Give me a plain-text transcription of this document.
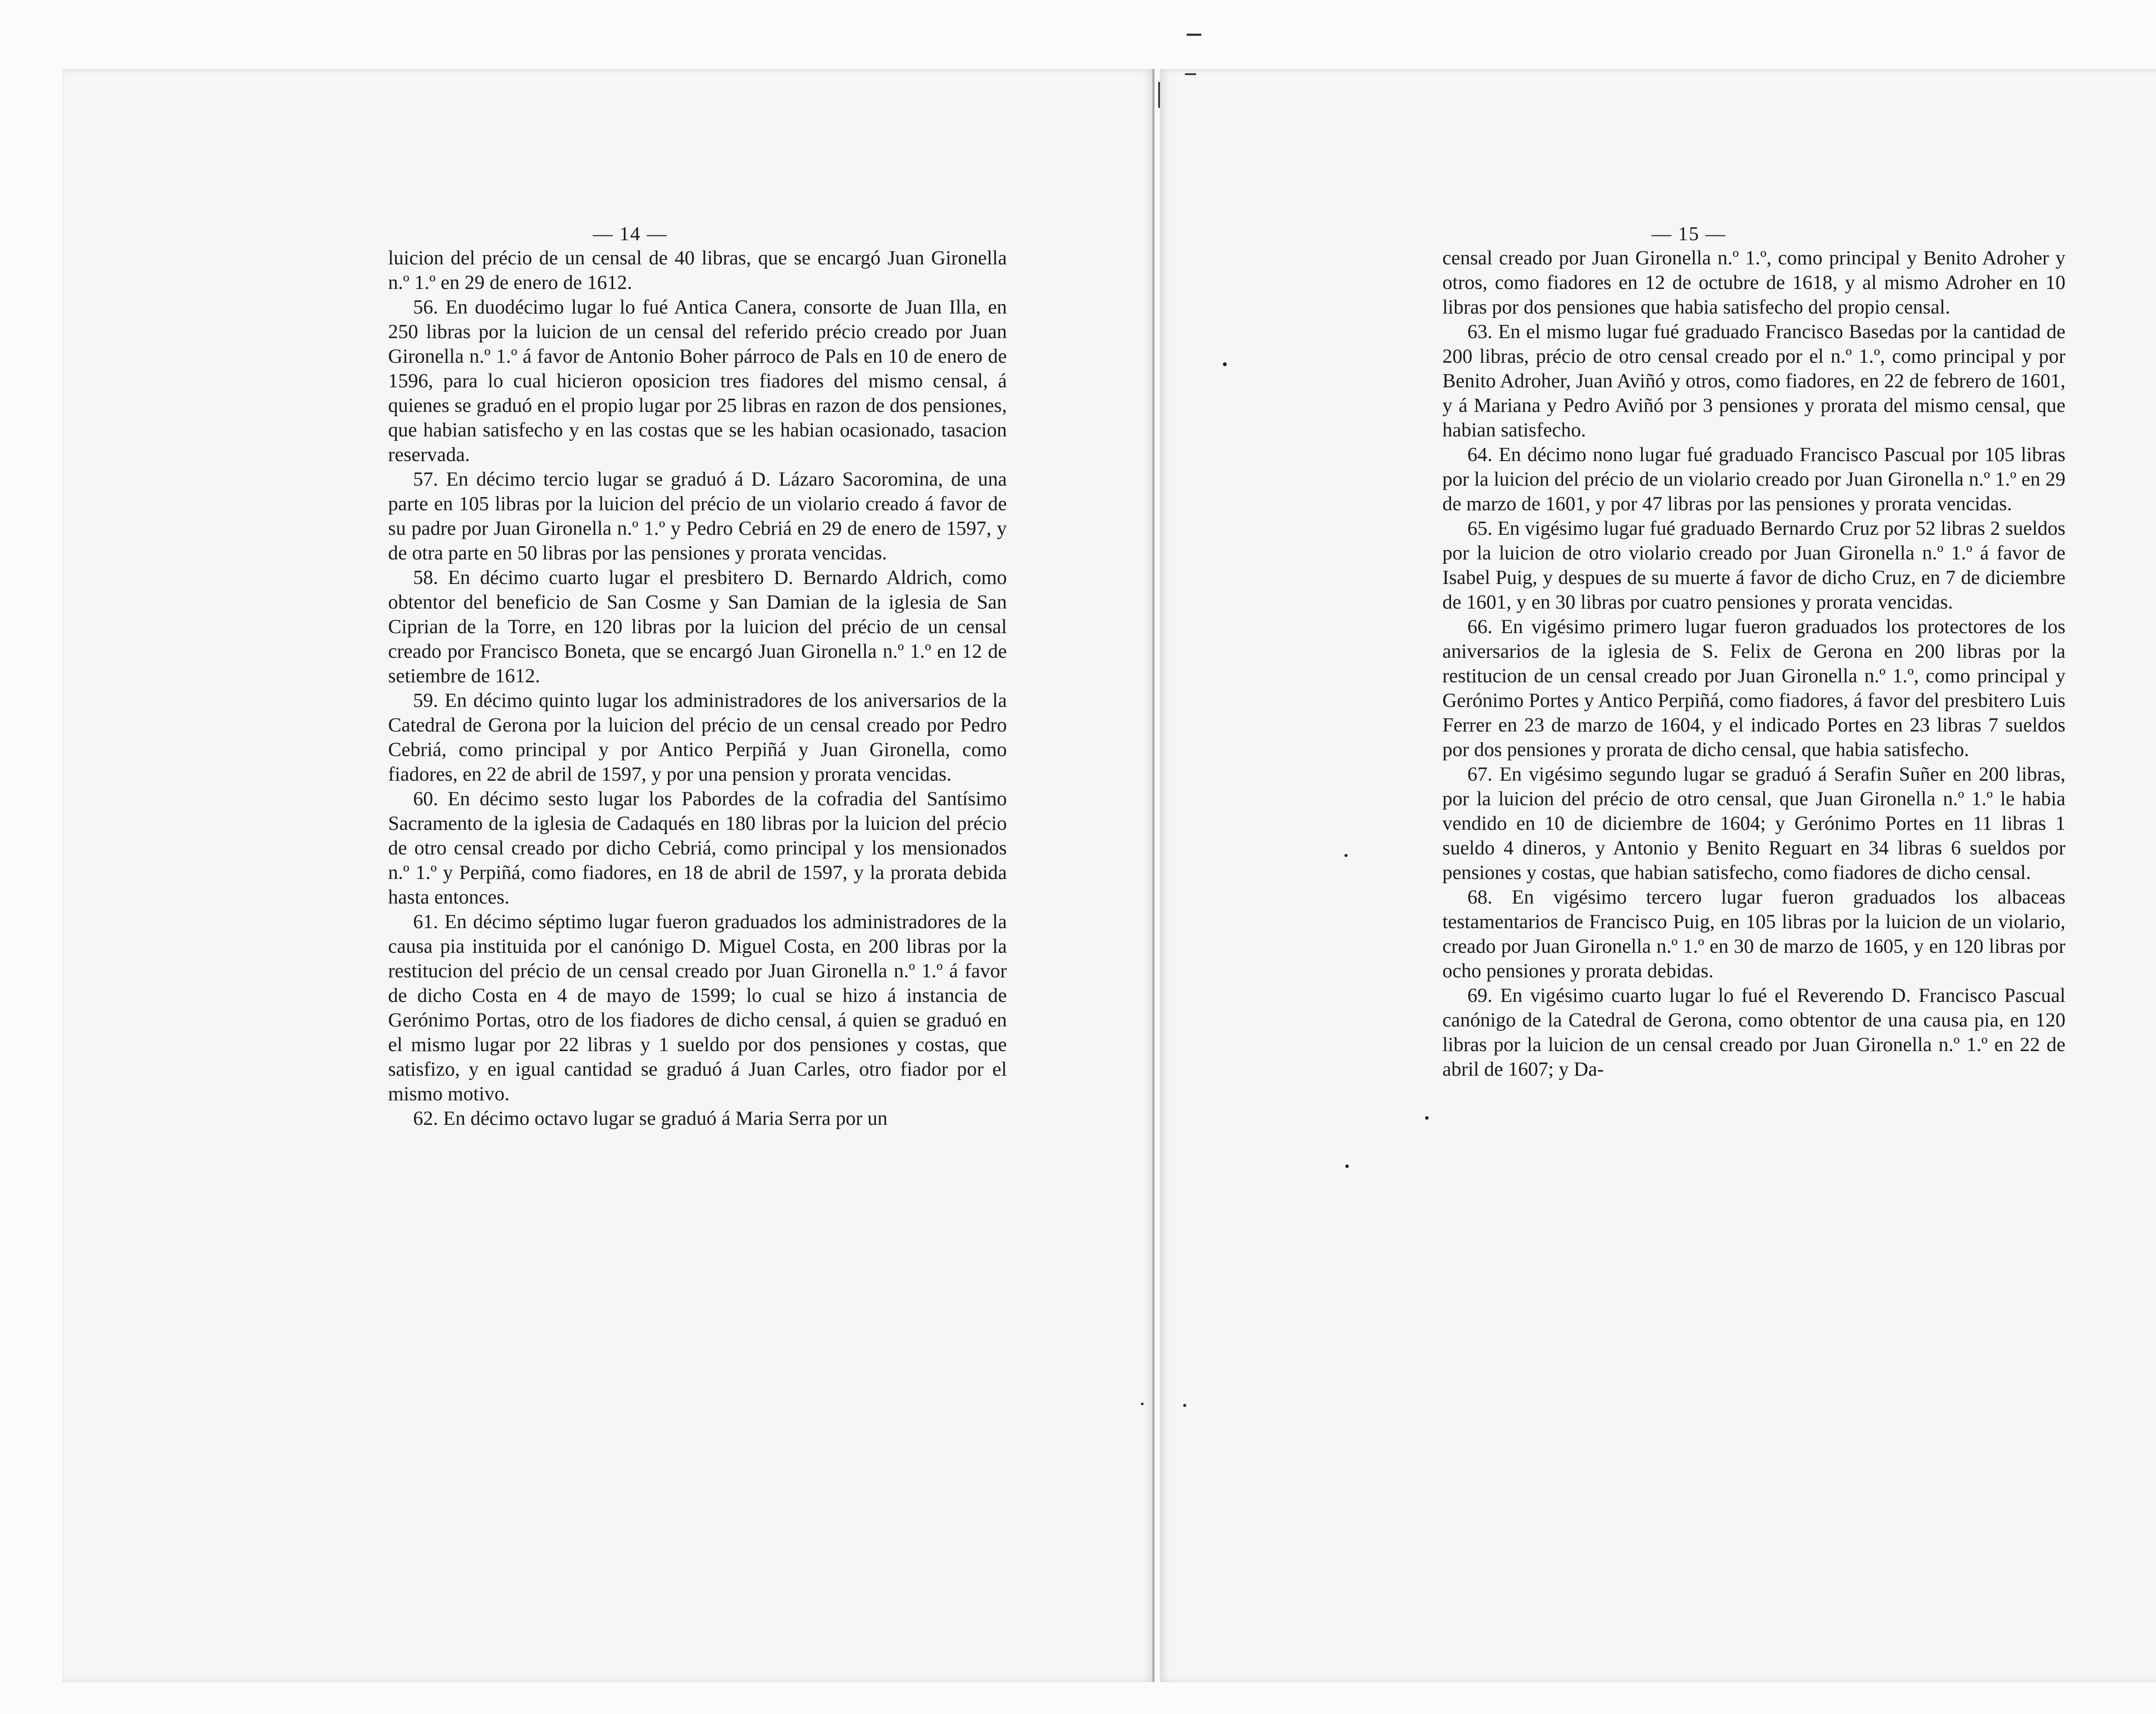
— 14 —

luicion del précio de un censal de 40 libras, que se encargó Juan Gironella n.º 1.º en 29 de enero de 1612.

56. En duodécimo lugar lo fué Antica Canera, consorte de Juan Illa, en 250 libras por la luicion de un censal del referido précio creado por Juan Gironella n.º 1.º á favor de Antonio Boher párroco de Pals en 10 de enero de 1596, para lo cual hicieron oposicion tres fiadores del mismo censal, á quienes se graduó en el propio lugar por 25 libras en razon de dos pensiones, que habian satisfecho y en las costas que se les habian ocasionado, tasacion reservada.

57. En décimo tercio lugar se graduó á D. Lázaro Sacoromina, de una parte en 105 libras por la luicion del précio de un violario creado á favor de su padre por Juan Gironella n.º 1.º y Pedro Cebriá en 29 de enero de 1597, y de otra parte en 50 libras por las pensiones y prorata vencidas.

58. En décimo cuarto lugar el presbitero D. Bernardo Aldrich, como obtentor del beneficio de San Cosme y San Damian de la iglesia de San Ciprian de la Torre, en 120 libras por la luicion del précio de un censal creado por Francisco Boneta, que se encargó Juan Gironella n.º 1.º en 12 de setiembre de 1612.

59. En décimo quinto lugar los administradores de los aniversarios de la Catedral de Gerona por la luicion del précio de un censal creado por Pedro Cebriá, como principal y por Antico Perpiñá y Juan Gironella, como fiadores, en 22 de abril de 1597, y por una pension y prorata vencidas.

60. En décimo sesto lugar los Pabordes de la cofradia del Santísimo Sacramento de la iglesia de Cadaqués en 180 libras por la luicion del précio de otro censal creado por dicho Cebriá, como principal y los mensionados n.º 1.º y Perpiñá, como fiadores, en 18 de abril de 1597, y la prorata debida hasta entonces.

61. En décimo séptimo lugar fueron graduados los administradores de la causa pia instituida por el canónigo D. Miguel Costa, en 200 libras por la restitucion del précio de un censal creado por Juan Gironella n.º 1.º á favor de dicho Costa en 4 de mayo de 1599; lo cual se hizo á instancia de Gerónimo Portas, otro de los fiadores de dicho censal, á quien se graduó en el mismo lugar por 22 libras y 1 sueldo por dos pensiones y costas, que satisfizo, y en igual cantidad se graduó á Juan Carles, otro fiador por el mismo motivo.

62. En décimo octavo lugar se graduó á Maria Serra por un

— 15 —

censal creado por Juan Gironella n.º 1.º, como principal y Benito Adroher y otros, como fiadores en 12 de octubre de 1618, y al mismo Adroher en 10 libras por dos pensiones que habia satisfecho del propio censal.

63. En el mismo lugar fué graduado Francisco Basedas por la cantidad de 200 libras, précio de otro censal creado por el n.º 1.º, como principal y por Benito Adroher, Juan Aviñó y otros, como fiadores, en 22 de febrero de 1601, y á Mariana y Pedro Aviñó por 3 pensiones y prorata del mismo censal, que habian satisfecho.

64. En décimo nono lugar fué graduado Francisco Pascual por 105 libras por la luicion del précio de un violario creado por Juan Gironella n.º 1.º en 29 de marzo de 1601, y por 47 libras por las pensiones y prorata vencidas.

65. En vigésimo lugar fué graduado Bernardo Cruz por 52 libras 2 sueldos por la luicion de otro violario creado por Juan Gironella n.º 1.º á favor de Isabel Puig, y despues de su muerte á favor de dicho Cruz, en 7 de diciembre de 1601, y en 30 libras por cuatro pensiones y prorata vencidas.

66. En vigésimo primero lugar fueron graduados los protectores de los aniversarios de la iglesia de S. Felix de Gerona en 200 libras por la restitucion de un censal creado por Juan Gironella n.º 1.º, como principal y Gerónimo Portes y Antico Perpiñá, como fiadores, á favor del presbitero Luis Ferrer en 23 de marzo de 1604, y el indicado Portes en 23 libras 7 sueldos por dos pensiones y prorata de dicho censal, que habia satisfecho.

67. En vigésimo segundo lugar se graduó á Serafin Suñer en 200 libras, por la luicion del précio de otro censal, que Juan Gironella n.º 1.º le habia vendido en 10 de diciembre de 1604; y Gerónimo Portes en 11 libras 1 sueldo 4 dineros, y Antonio y Benito Reguart en 34 libras 6 sueldos por pensiones y costas, que habian satisfecho, como fiadores de dicho censal.

68. En vigésimo tercero lugar fueron graduados los albaceas testamentarios de Francisco Puig, en 105 libras por la luicion de un violario, creado por Juan Gironella n.º 1.º en 30 de marzo de 1605, y en 120 libras por ocho pensiones y prorata debidas.

69. En vigésimo cuarto lugar lo fué el Reverendo D. Francisco Pascual canónigo de la Catedral de Gerona, como obtentor de una causa pia, en 120 libras por la luicion de un censal creado por Juan Gironella n.º 1.º en 22 de abril de 1607; y Da-
